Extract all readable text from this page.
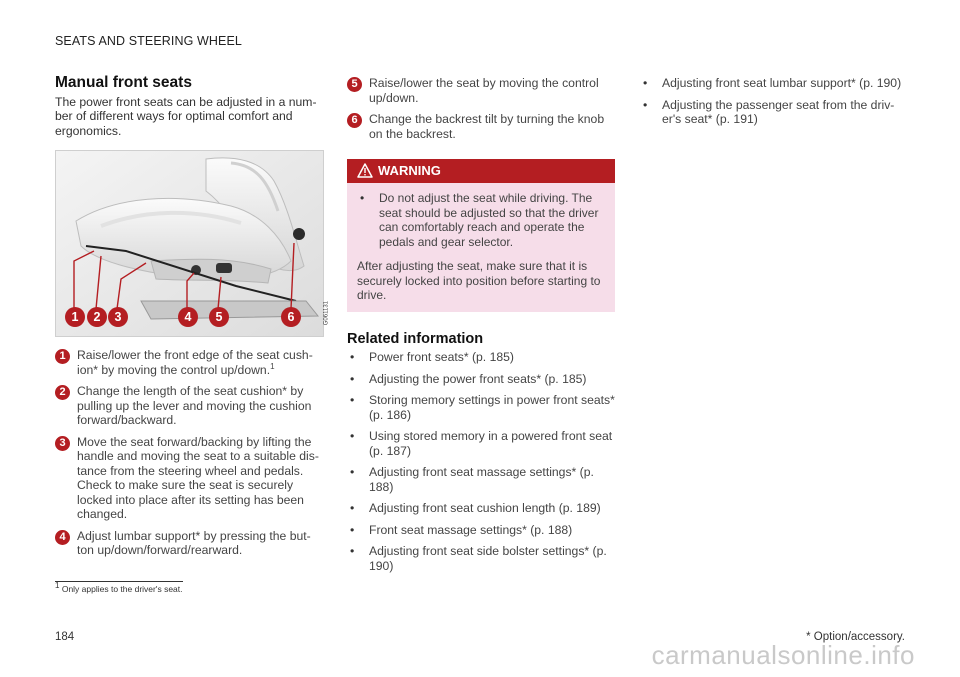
SEATS AND STEERING WHEEL
Manual front seats

The power front seats can be adjusted in a num-ber of different ways for optimal comfort and ergonomics.

1	2	3	4	5	6	G061131
1 Raise/lower the front edge of the seat cush-ion* by moving the control up/down.$^1$
2 Change the length of the seat cushion* by pulling up the lever and moving the cushion forward/backward.
3 Move the seat forward/backing by lifting the handle and moving the seat to a suitable dis-tance from the steering wheel and pedals. Check to make sure the seat is securely locked into place after its setting has been changed.
4 Adjust lumbar support* by pressing the but-ton up/down/forward/rearward.
5 Raise/lower the seat by moving the control up/down.
6 Change the backrest tilt by turning the knob on the backrest.
WARNING
• Do not adjust the seat while driving. The seat should be adjusted so that the driver can comfortably reach and operate the pedals and gear selector.
After adjusting the seat, make sure that it is securely locked into position before starting to drive.
Related information
• Power front seats* (p. 185)
• Adjusting the power front seats* (p. 185)
• Storing memory settings in power front seats* (p. 186)
• Using stored memory in a powered front seat (p. 187)
• Adjusting front seat massage settings* (p. 188)
• Adjusting front seat cushion length (p. 189)
• Front seat massage settings* (p. 188)
• Adjusting front seat side bolster settings* (p. 190)
• Adjusting front seat lumbar support* (p. 190)
• Adjusting the passenger seat from the driv-er's seat* (p. 191)
$^1$ Only applies to the driver's seat.
184	* Option/accessory.
carmanualsonline.info
